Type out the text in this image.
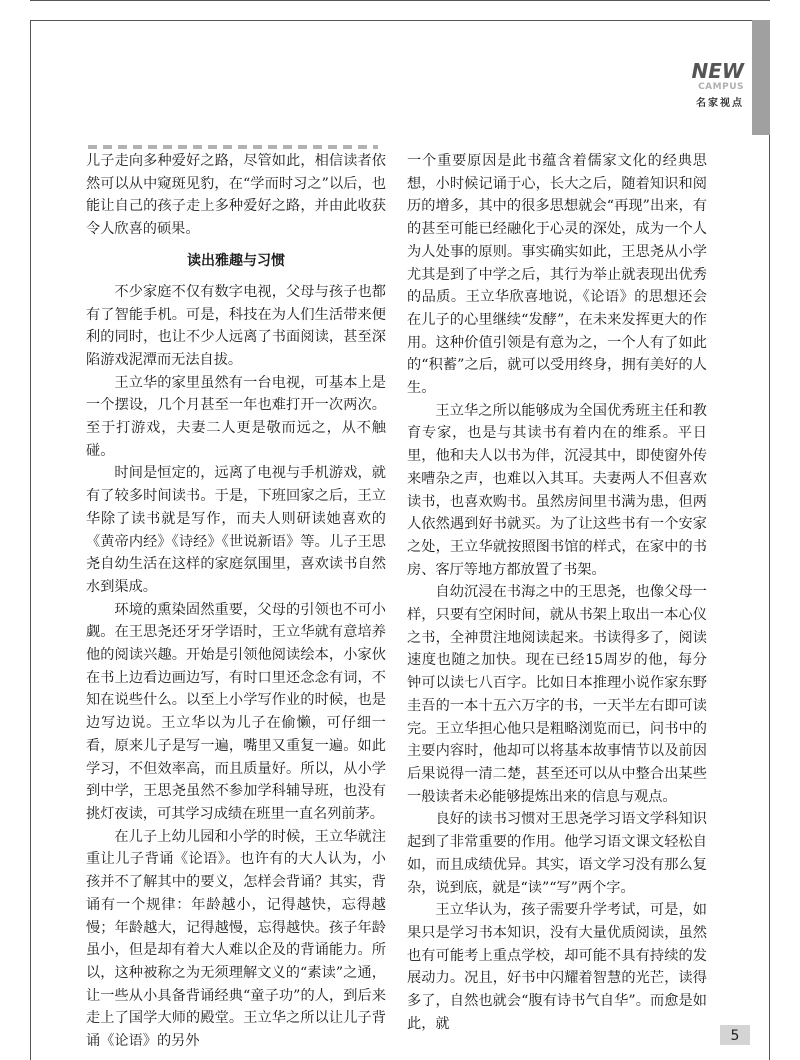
NEW
CAMPUS
名家视点

儿子走向多种爱好之路，尽管如此，相信读者依然可以从中窥斑见豹，在“学而时习之”以后，也能让自己的孩子走上多种爱好之路，并由此收获令人欣喜的硕果。

读出雅趣与习惯

不少家庭不仅有数字电视，父母与孩子也都有了智能手机。可是，科技在为人们生活带来便利的同时，也让不少人远离了书面阅读，甚至深陷游戏泥潭而无法自拔。

王立华的家里虽然有一台电视，可基本上是一个摆设，几个月甚至一年也难打开一次两次。至于打游戏，夫妻二人更是敬而远之，从不触碰。

时间是恒定的，远离了电视与手机游戏，就有了较多时间读书。于是，下班回家之后，王立华除了读书就是写作，而夫人则研读她喜欢的《黄帝内经》《诗经》《世说新语》等。儿子王思尧自幼生活在这样的家庭氛围里，喜欢读书自然水到渠成。

环境的熏染固然重要，父母的引领也不可小觑。在王思尧还牙牙学语时，王立华就有意培养他的阅读兴趣。开始是引领他阅读绘本，小家伙在书上边看边画边写，有时口里还念念有词，不知在说些什么。以至上小学写作业的时候，也是边写边说。王立华以为儿子在偷懒，可仔细一看，原来儿子是写一遍，嘴里又重复一遍。如此学习，不但效率高，而且质量好。所以，从小学到中学，王思尧虽然不参加学科辅导班，也没有挑灯夜读，可其学习成绩在班里一直名列前茅。

在儿子上幼儿园和小学的时候，王立华就注重让儿子背诵《论语》。也许有的大人认为，小孩并不了解其中的要义，怎样会背诵？其实，背诵有一个规律：年龄越小，记得越快，忘得越慢；年龄越大，记得越慢，忘得越快。孩子年龄虽小，但是却有着大人难以企及的背诵能力。所以，这种被称之为无须理解文义的“素读”之通，让一些从小具备背诵经典“童子功”的人，到后来走上了国学大师的殿堂。王立华之所以让儿子背诵《论语》的另外

一个重要原因是此书蕴含着儒家文化的经典思想，小时候记诵于心，长大之后，随着知识和阅历的增多，其中的很多思想就会“再现”出来，有的甚至可能已经融化于心灵的深处，成为一个人为人处事的原则。事实确实如此，王思尧从小学尤其是到了中学之后，其行为举止就表现出优秀的品质。王立华欣喜地说，《论语》的思想还会在儿子的心里继续“发酵”，在未来发挥更大的作用。这种价值引领是有意为之，一个人有了如此的“积蓄”之后，就可以受用终身，拥有美好的人生。

王立华之所以能够成为全国优秀班主任和教育专家，也是与其读书有着内在的维系。平日里，他和夫人以书为伴，沉浸其中，即使窗外传来嘈杂之声，也难以入其耳。夫妻两人不但喜欢读书，也喜欢购书。虽然房间里书满为患，但两人依然遇到好书就买。为了让这些书有一个安家之处，王立华就按照图书馆的样式，在家中的书房、客厅等地方都放置了书架。

自幼沉浸在书海之中的王思尧，也像父母一样，只要有空闲时间，就从书架上取出一本心仪之书，全神贯注地阅读起来。书读得多了，阅读速度也随之加快。现在已经15周岁的他，每分钟可以读七八百字。比如日本推理小说作家东野圭吾的一本十五六万字的书，一天半左右即可读完。王立华担心他只是粗略浏览而已，问书中的主要内容时，他却可以将基本故事情节以及前因后果说得一清二楚，甚至还可以从中整合出某些一般读者未必能够提炼出来的信息与观点。

良好的读书习惯对王思尧学习语文学科知识起到了非常重要的作用。他学习语文课文轻松自如，而且成绩优异。其实，语文学习没有那么复杂，说到底，就是“读”“写”两个字。

王立华认为，孩子需要升学考试，可是，如果只是学习书本知识，没有大量优质阅读，虽然也有可能考上重点学校，却可能不具有持续的发展动力。况且，好书中闪耀着智慧的光芒，读得多了，自然也就会“腹有诗书气自华”。而愈是如此，就

5
